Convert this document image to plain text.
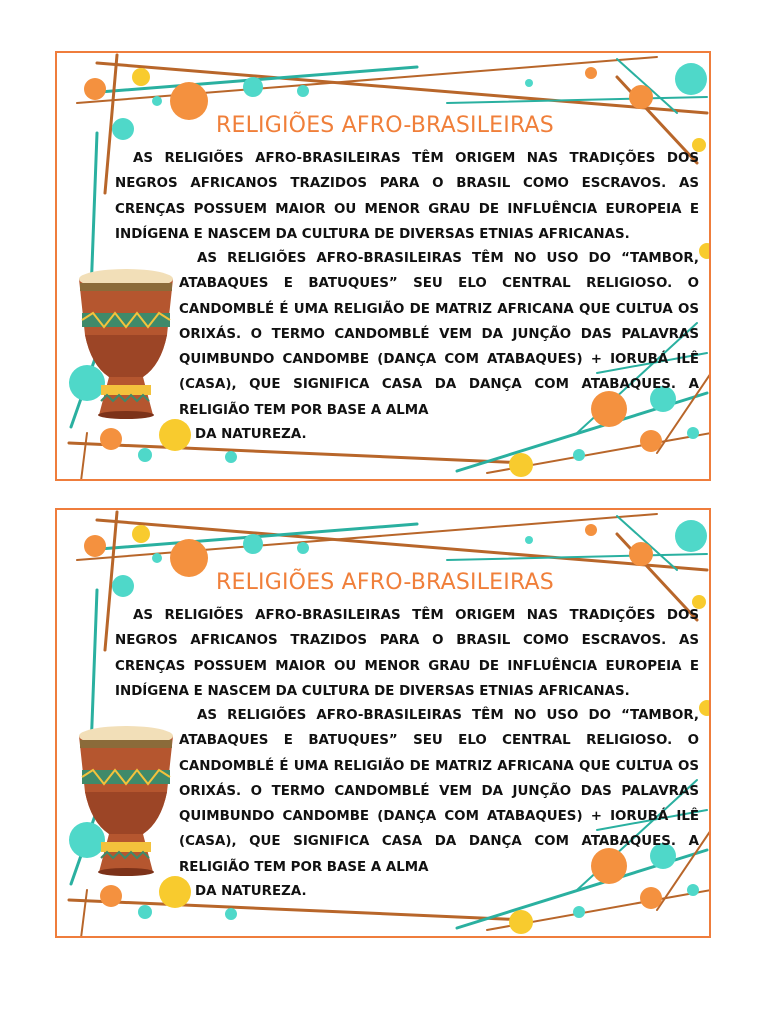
RELIGIÕES AFRO-BRASILEIRAS

AS RELIGIÕES AFRO-BRASILEIRAS TÊM ORIGEM NAS TRADIÇÕES DOS NEGROS AFRICANOS TRAZIDOS PARA O BRASIL COMO ESCRAVOS. AS CRENÇAS POSSUEM MAIOR OU MENOR GRAU DE INFLUÊNCIA EUROPEIA E INDÍGENA E NASCEM DA CULTURA DE DIVERSAS ETNIAS AFRICANAS.

AS RELIGIÕES AFRO-BRASILEIRAS TÊM NO USO DO “TAMBOR, ATABAQUES E BATUQUES” SEU ELO CENTRAL RELIGIOSO. O CANDOMBLÉ É UMA RELIGIÃO DE MATRIZ AFRICANA QUE CULTUA OS ORIXÁS. O TERMO CANDOMBLÉ VEM DA JUNÇÃO DAS PALAVRAS QUIMBUNDO CANDOMBE (DANÇA COM ATABAQUES) + IORUBÁ ILÊ (CASA), QUE SIGNIFICA CASA DA DANÇA COM ATABAQUES. A RELIGIÃO TEM POR BASE A ALMA

DA NATUREZA.

RELIGIÕES AFRO-BRASILEIRAS

AS RELIGIÕES AFRO-BRASILEIRAS TÊM ORIGEM NAS TRADIÇÕES DOS NEGROS AFRICANOS TRAZIDOS PARA O BRASIL COMO ESCRAVOS. AS CRENÇAS POSSUEM MAIOR OU MENOR GRAU DE INFLUÊNCIA EUROPEIA E INDÍGENA E NASCEM DA CULTURA DE DIVERSAS ETNIAS AFRICANAS.

AS RELIGIÕES AFRO-BRASILEIRAS TÊM NO USO DO “TAMBOR, ATABAQUES E BATUQUES” SEU ELO CENTRAL RELIGIOSO. O CANDOMBLÉ É UMA RELIGIÃO DE MATRIZ AFRICANA QUE CULTUA OS ORIXÁS. O TERMO CANDOMBLÉ VEM DA JUNÇÃO DAS PALAVRAS QUIMBUNDO CANDOMBE (DANÇA COM ATABAQUES) + IORUBÁ ILÊ (CASA), QUE SIGNIFICA CASA DA DANÇA COM ATABAQUES. A RELIGIÃO TEM POR BASE A ALMA

DA NATUREZA.
